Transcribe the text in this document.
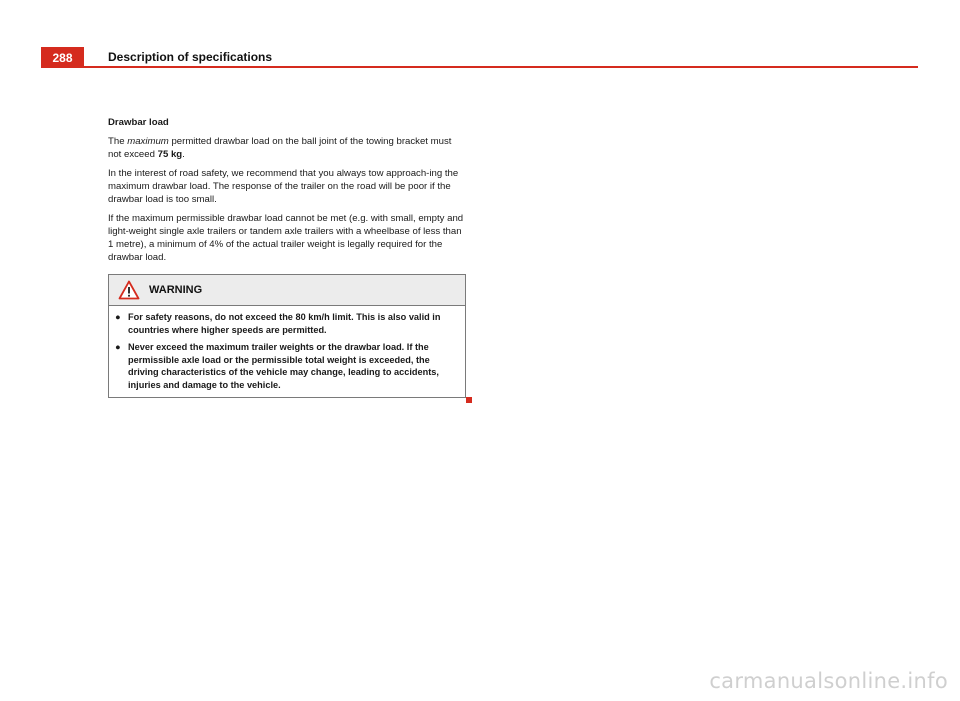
288	Description of specifications

Drawbar load

The maximum permitted drawbar load on the ball joint of the towing bracket must not exceed 75 kg.

In the interest of road safety, we recommend that you always tow approach-ing the maximum drawbar load. The response of the trailer on the road will be poor if the drawbar load is too small.

If the maximum permissible drawbar load cannot be met (e.g. with small, empty and light-weight single axle trailers or tandem axle trailers with a wheelbase of less than 1 metre), a minimum of 4% of the actual trailer weight is legally required for the drawbar load.

WARNING
● For safety reasons, do not exceed the 80 km/h limit. This is also valid in countries where higher speeds are permitted.
● Never exceed the maximum trailer weights or the drawbar load. If the permissible axle load or the permissible total weight is exceeded, the driving characteristics of the vehicle may change, leading to accidents, injuries and damage to the vehicle.
carmanualsonline.info
